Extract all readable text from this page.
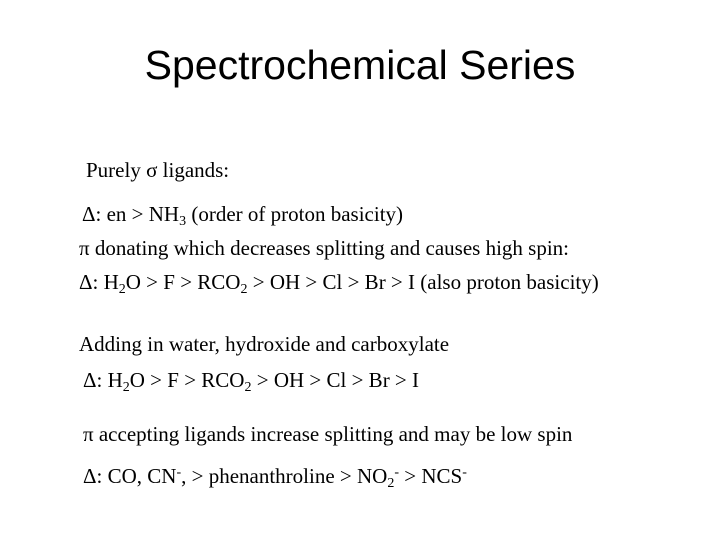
Spectrochemical Series
Purely σ ligands:
Δ: en > $NH_3$ (order of proton basicity)
π donating which decreases splitting and causes high spin:
Δ: $H_2O > F > RCO_2$ > OH > Cl > Br > I (also proton basicity)
Adding in water, hydroxide and carboxylate
Δ: $H_2O > F > RCO_2$ > OH > Cl > Br > I
π accepting ligands increase splitting and may be low spin
Δ: CO, CN-, > phenanthroline > $NO_2^- > NCS^-$
